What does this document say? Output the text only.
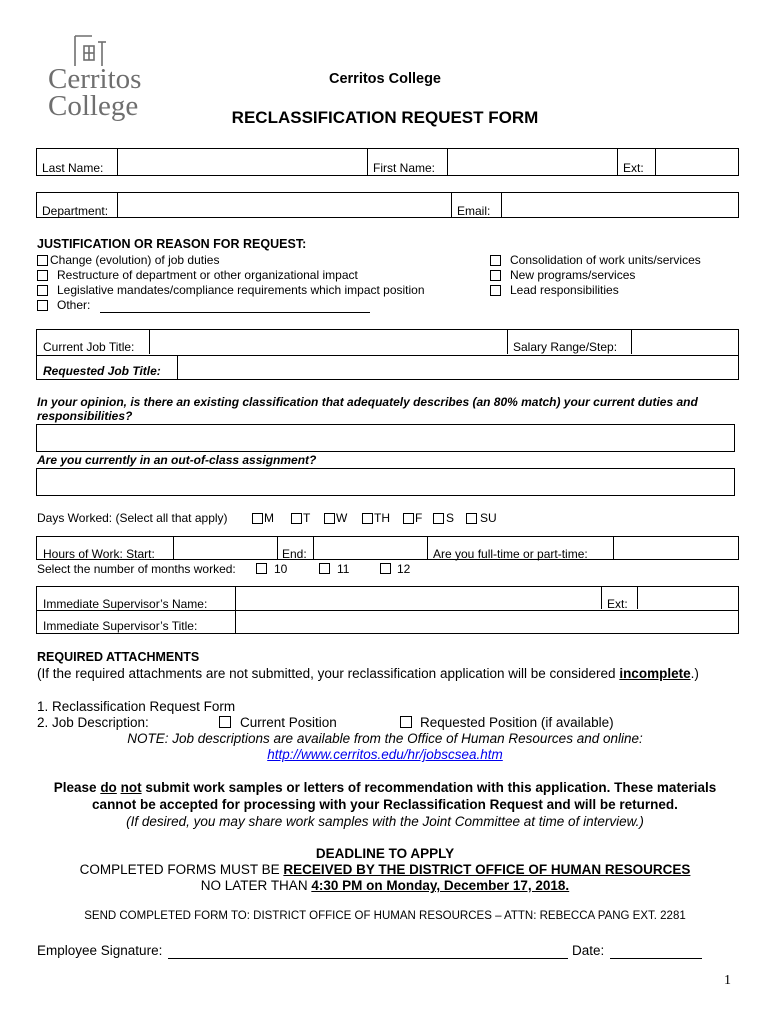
Cerritos
College
Cerritos College
RECLASSIFICATION REQUEST FORM
Last Name:	First Name:	Ext:
Department:	Email:
JUSTIFICATION OR REASON FOR REQUEST:
Change (evolution) of job duties
Restructure of department or other organizational impact
Legislative mandates/compliance requirements which impact position
Other:
Consolidation of work units/services
New programs/services
Lead responsibilities
Current Job Title:	Salary Range/Step:
Requested Job Title:
In your opinion, is there an existing classification that adequately describes (an 80% match) your current duties and responsibilities?
Are you currently in an out-of-class assignment?
Days Worked: (Select all that apply)	M T W TH F S SU
Hours of Work: Start:	End:	Are you full-time or part-time:
Select the number of months worked:	10	11	12
Immediate Supervisor’s Name:	Ext:
Immediate Supervisor’s Title:
REQUIRED ATTACHMENTS
(If the required attachments are not submitted, your reclassification application will be considered incomplete.)
1. Reclassification Request Form
2. Job Description:	Current Position	Requested Position (if available)
NOTE: Job descriptions are available from the Office of Human Resources and online:
http://www.cerritos.edu/hr/jobscsea.htm
Please do not submit work samples or letters of recommendation with this application. These materials
cannot be accepted for processing with your Reclassification Request and will be returned.
(If desired, you may share work samples with the Joint Committee at time of interview.)
DEADLINE TO APPLY
COMPLETED FORMS MUST BE RECEIVED BY THE DISTRICT OFFICE OF HUMAN RESOURCES
NO LATER THAN 4:30 PM on Monday, December 17, 2018.
SEND COMPLETED FORM TO: DISTRICT OFFICE OF HUMAN RESOURCES – ATTN: REBECCA PANG EXT. 2281
Employee Signature:	Date:
1
